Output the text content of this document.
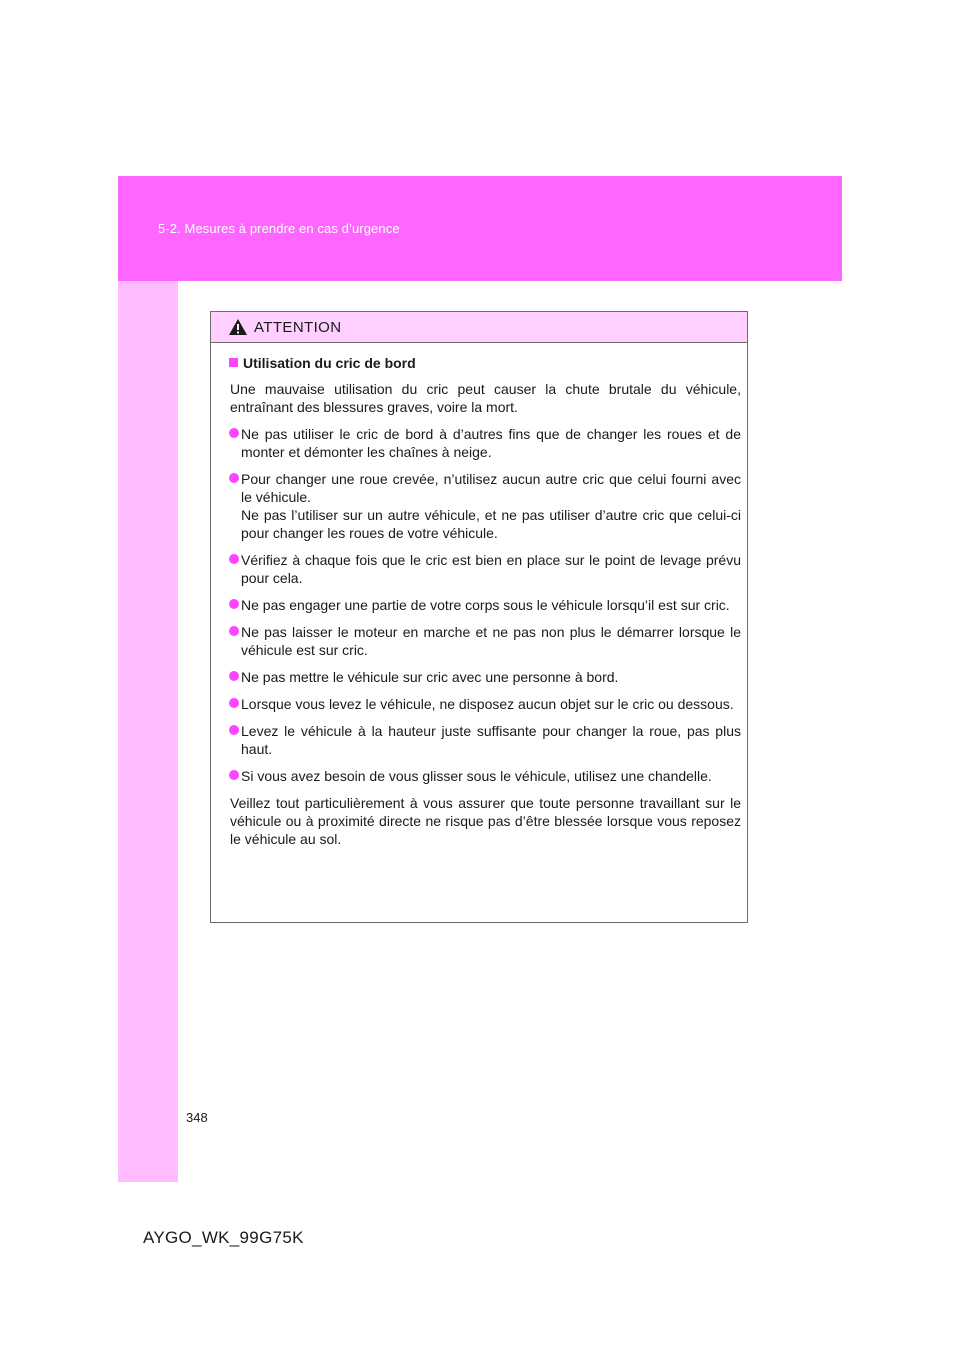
5-2. Mesures à prendre en cas d’urgence
ATTENTION
Utilisation du cric de bord

Une mauvaise utilisation du cric peut causer la chute brutale du véhicule, entraînant des blessures graves, voire la mort.

Ne pas utiliser le cric de bord à d’autres fins que de changer les roues et de monter et démonter les chaînes à neige.
Pour changer une roue crevée, n’utilisez aucun autre cric que celui fourni avec le véhicule.
Ne pas l’utiliser sur un autre véhicule, et ne pas utiliser d’autre cric que celui-ci pour changer les roues de votre véhicule.
Vérifiez à chaque fois que le cric est bien en place sur le point de levage prévu pour cela.
Ne pas engager une partie de votre corps sous le véhicule lorsqu’il est sur cric.
Ne pas laisser le moteur en marche et ne pas non plus le démarrer lorsque le véhicule est sur cric.
Ne pas mettre le véhicule sur cric avec une personne à bord.
Lorsque vous levez le véhicule, ne disposez aucun objet sur le cric ou dessous.
Levez le véhicule à la hauteur juste suffisante pour changer la roue, pas plus haut.
Si vous avez besoin de vous glisser sous le véhicule, utilisez une chandelle.

Veillez tout particulièrement à vous assurer que toute personne travaillant sur le véhicule ou à proximité directe ne risque pas d’être blessée lorsque vous reposez le véhicule au sol.

348
AYGO_WK_99G75K
